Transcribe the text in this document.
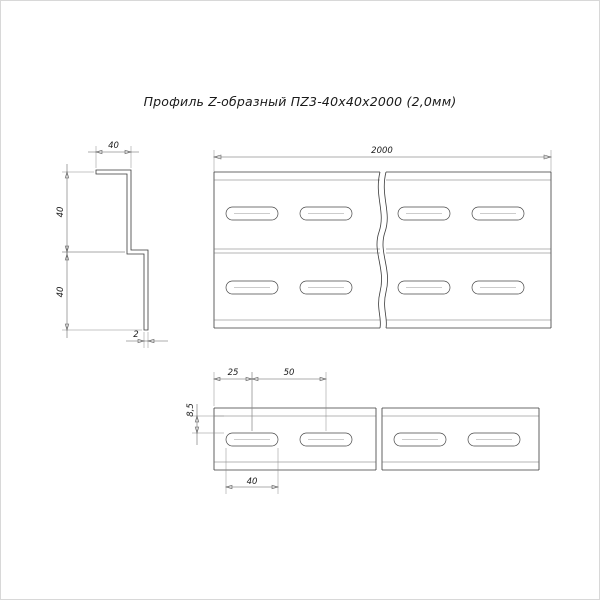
Профиль Z-образный ПZ3-40х40х2000 (2,0мм)
40
40
40
2
2000
25	50
8,5
40
